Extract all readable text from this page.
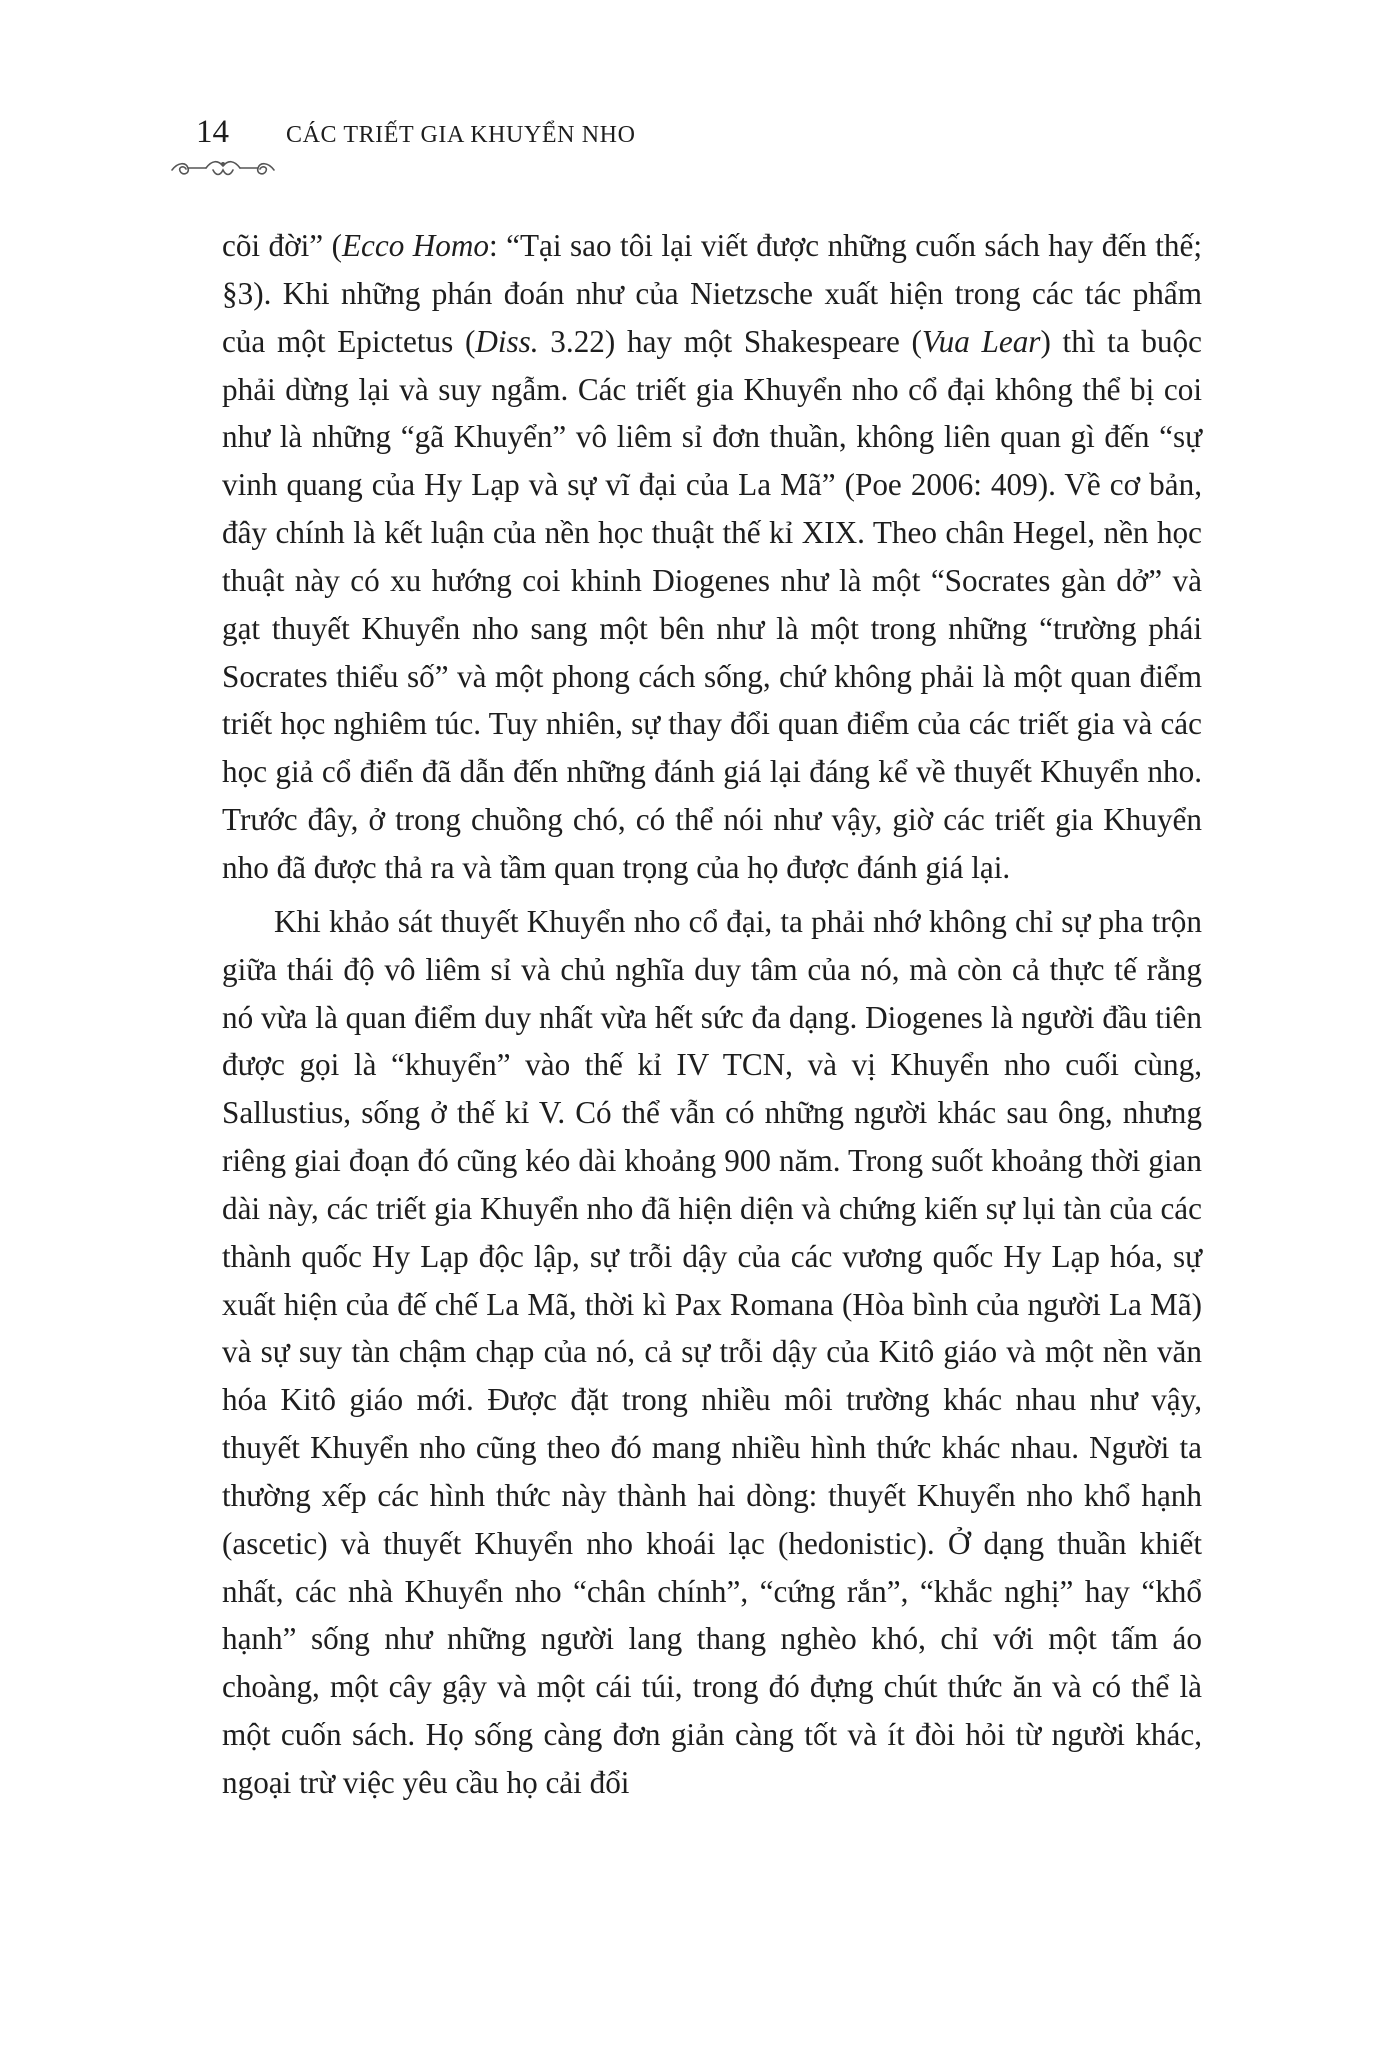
14 CÁC TRIẾT GIA KHUYỂN NHO

cõi đời” (Ecco Homo: “Tại sao tôi lại viết được những cuốn sách hay đến thế; §3). Khi những phán đoán như của Nietzsche xuất hiện trong các tác phẩm của một Epictetus (Diss. 3.22) hay một Shakespeare (Vua Lear) thì ta buộc phải dừng lại và suy ngẫm. Các triết gia Khuyển nho cổ đại không thể bị coi như là những “gã Khuyển” vô liêm sỉ đơn thuần, không liên quan gì đến “sự vinh quang của Hy Lạp và sự vĩ đại của La Mã” (Poe 2006: 409). Về cơ bản, đây chính là kết luận của nền học thuật thế kỉ XIX. Theo chân Hegel, nền học thuật này có xu hướng coi khinh Diogenes như là một “Socrates gàn dở” và gạt thuyết Khuyển nho sang một bên như là một trong những “trường phái Socrates thiểu số” và một phong cách sống, chứ không phải là một quan điểm triết học nghiêm túc. Tuy nhiên, sự thay đổi quan điểm của các triết gia và các học giả cổ điển đã dẫn đến những đánh giá lại đáng kể về thuyết Khuyển nho. Trước đây, ở trong chuồng chó, có thể nói như vậy, giờ các triết gia Khuyển nho đã được thả ra và tầm quan trọng của họ được đánh giá lại.

Khi khảo sát thuyết Khuyển nho cổ đại, ta phải nhớ không chỉ sự pha trộn giữa thái độ vô liêm sỉ và chủ nghĩa duy tâm của nó, mà còn cả thực tế rằng nó vừa là quan điểm duy nhất vừa hết sức đa dạng. Diogenes là người đầu tiên được gọi là “khuyển” vào thế kỉ IV TCN, và vị Khuyển nho cuối cùng, Sallustius, sống ở thế kỉ V. Có thể vẫn có những người khác sau ông, nhưng riêng giai đoạn đó cũng kéo dài khoảng 900 năm. Trong suốt khoảng thời gian dài này, các triết gia Khuyển nho đã hiện diện và chứng kiến sự lụi tàn của các thành quốc Hy Lạp độc lập, sự trỗi dậy của các vương quốc Hy Lạp hóa, sự xuất hiện của đế chế La Mã, thời kì Pax Romana (Hòa bình của người La Mã) và sự suy tàn chậm chạp của nó, cả sự trỗi dậy của Kitô giáo và một nền văn hóa Kitô giáo mới. Được đặt trong nhiều môi trường khác nhau như vậy, thuyết Khuyển nho cũng theo đó mang nhiều hình thức khác nhau. Người ta thường xếp các hình thức này thành hai dòng: thuyết Khuyển nho khổ hạnh (ascetic) và thuyết Khuyển nho khoái lạc (hedonistic). Ở dạng thuần khiết nhất, các nhà Khuyển nho “chân chính”, “cứng rắn”, “khắc nghị” hay “khổ hạnh” sống như những người lang thang nghèo khó, chỉ với một tấm áo choàng, một cây gậy và một cái túi, trong đó đựng chút thức ăn và có thể là một cuốn sách. Họ sống càng đơn giản càng tốt và ít đòi hỏi từ người khác, ngoại trừ việc yêu cầu họ cải đổi
